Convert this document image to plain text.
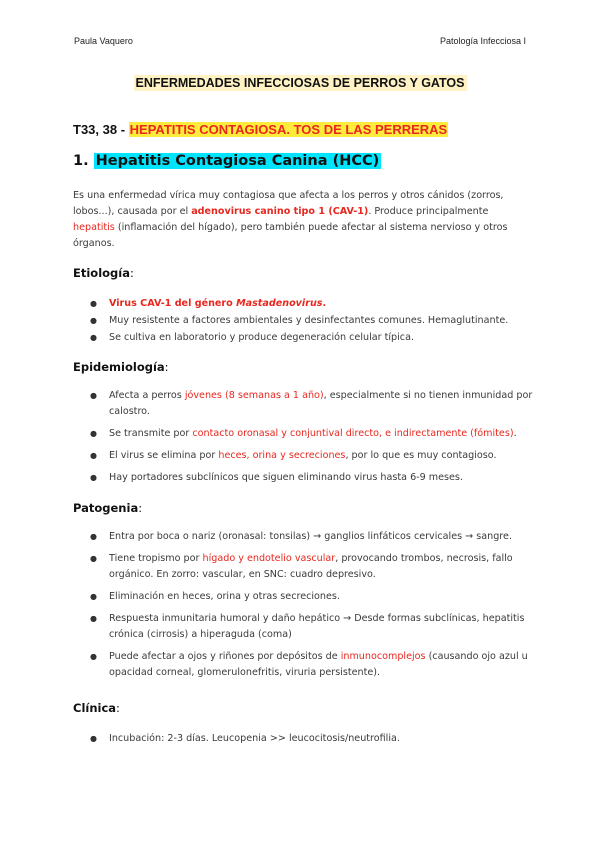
Paula Vaquero	Patología Infecciosa I
ENFERMEDADES INFECCIOSAS DE PERROS Y GATOS
T33, 38 - HEPATITIS CONTAGIOSA. TOS DE LAS PERRERAS
1. Hepatitis Contagiosa Canina (HCC)
Es una enfermedad vírica muy contagiosa que afecta a los perros y otros cánidos (zorros, lobos...), causada por el adenovirus canino tipo 1 (CAV-1). Produce principalmente hepatitis (inflamación del hígado), pero también puede afectar al sistema nervioso y otros órganos.
Etiología:
● Virus CAV-1 del género Mastadenovirus.
● Muy resistente a factores ambientales y desinfectantes comunes. Hemaglutinante.
● Se cultiva en laboratorio y produce degeneración celular típica.
Epidemiología:
● Afecta a perros jóvenes (8 semanas a 1 año), especialmente si no tienen inmunidad por calostro.
● Se transmite por contacto oronasal y conjuntival directo, e indirectamente (fómites).
● El virus se elimina por heces, orina y secreciones, por lo que es muy contagioso.
● Hay portadores subclínicos que siguen eliminando virus hasta 6-9 meses.
Patogenia:
● Entra por boca o nariz (oronasal: tonsilas) → ganglios linfáticos cervicales → sangre.
● Tiene tropismo por hígado y endotelio vascular, provocando trombos, necrosis, fallo orgánico. En zorro: vascular, en SNC: cuadro depresivo.
● Eliminación en heces, orina y otras secreciones.
● Respuesta inmunitaria humoral y daño hepático → Desde formas subclínicas, hepatitis crónica (cirrosis) a hiperaguda (coma)
● Puede afectar a ojos y riñones por depósitos de inmunocomplejos (causando ojo azul u opacidad corneal, glomerulonefritis, viruria persistente).
Clínica:
● Incubación: 2-3 días. Leucopenia >> leucocitosis/neutrofilia.
